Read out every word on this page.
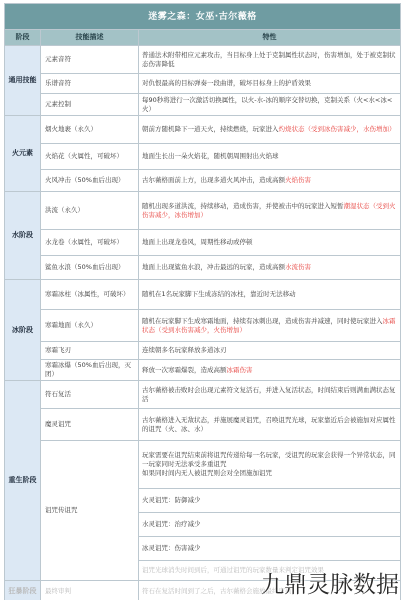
迷雾之森：女巫·古尔薇格		
阶段	技能描述	特性
通用技能	元素音符	普通法术附带相应元素攻击，当目标身上处于克制属性状态时，伤害增加，处于被克制状态伤害降低
	乐谱音符	对仇恨最高的目标弹奏一段曲谱，破坏目标身上的护盾效果
	元素控制	每90秒将进行一次激活切换属性，以火-水-冰的顺序交替切换，克制关系（火<水<冰<火）
火元素	烟火地裹（永久）	朝前方随机降下一道天火，持续燃烧，玩家进入灼烧状态（受到冰伤害减少，水伤增加）
	火焰花（火属性，可破坏）	地面生长出一朵火焰花，随机朝周围射出火焰球
	火风冲击（50%血后出现）	古尔薇格面前上方，出现多道火风冲击，造成高额火焰伤害
水阶段	洪流（永久）	随机出现多道洪流，持续移动，造成伤害，并使被击中的玩家进入短暂潮湿状态（受到火伤害减少，冰伤增加）
	水龙卷（水属性，可破坏）	地面上出现龙卷风，周期性移动或停顿
	鲨鱼水浪（50%血后出现）	地面上出现鲨鱼水浪，冲击最远的玩家，造成高额水流伤害
冰阶段	寒霜冰柱（冰属性，可破坏）	随机在1名玩家脚下生成冻结的冰柱，靠近时无法移动
	寒霜地面（永久）	随机在玩家脚下生成寒霜地面，持续有冰刺出现，造成伤害并减速，同时使玩家进入冰霜状态（受到水伤害减少，火伤增加）
	寒霜飞刃	连续朝多名玩家释放多道冰刃
	寒霜冰爆（50%血后出现，灭团）	释放一次寒霜爆裂，造成高额冰霜伤害
重生阶段	符石复活	古尔薇格被击败时会出现元素符文复活石，并进入复活状态，时间结束后则满血满状态复活
	魔灵诅咒	古尔薇格进入无敌状态，并施展魔灵诅咒，召唤诅咒光球，玩家靠近后会被施加对应属性的诅咒（火、冰、水）
	诅咒传诅咒	玩家需要在诅咒结束前将诅咒传递给每一名玩家，受诅咒的玩家会获得一个异常状态，同一玩家同时无法承受多重诅咒
如果同时间内无人被诅咒则会对全团施加诅咒

		火灵诅咒：防御减少
		水灵诅咒：治疗减少
		冰灵诅咒：伤害减少
		诅咒光球消失时间到后，可通过诅咒的玩家数量来判定诅咒效果
狂暴阶段	最终审判	符石在复活时间到了之后，古尔薇格会施放最终审判
九鼎灵脉数据
